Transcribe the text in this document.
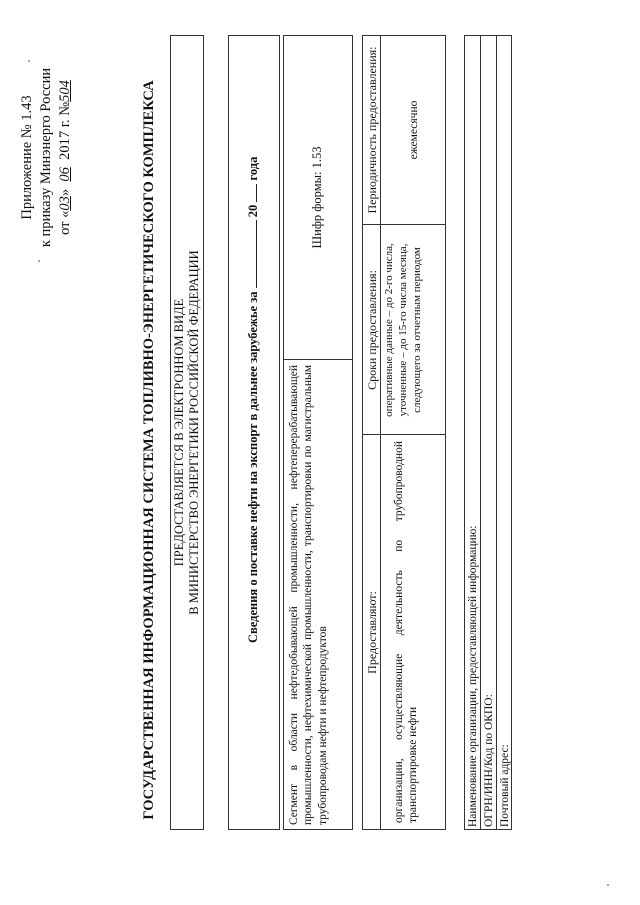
Приложение № 1.43 к приказу Минэнерго России от «03»  06  2017 г. №504	ГОСУДАРСТВЕННАЯ ИНФОРМАЦИОННАЯ СИСТЕМА ТОПЛИВНО-ЭНЕРГЕТИЧЕСКОГО КОМПЛЕКСА ПРЕДОСТАВЛЯЕТСЯ В ЭЛЕКТРОННОМ ВИДЕ В МИНИСТЕРСТВО ЭНЕРГЕТИКИ РОССИЙСКОЙ ФЕДЕРАЦИИ	Сведения о поставке нефти на экспорт в дальнее зарубежье за  20  года
Сегмент в области нефтедобывающей промышленности, нефтеперерабатывающей промышленности, нефтехимической промышленности, транспортировки по магистральным трубопроводам нефти и нефтепродуктов
Шифр формы: 1.53
Предоставляют:
Сроки предоставления:
Периодичность предоставления:
организации, осуществляющие деятельность по трубопроводной транспортировке нефти
оперативные данные – до 2-го числа, уточненные – до 15-го числа месяца, следующего за отчетным периодом
ежемесячно
Наименование организации, предоставляющей информацию: ОГРН/ИНН/Код по ОКПО: Почтовый адрес:
